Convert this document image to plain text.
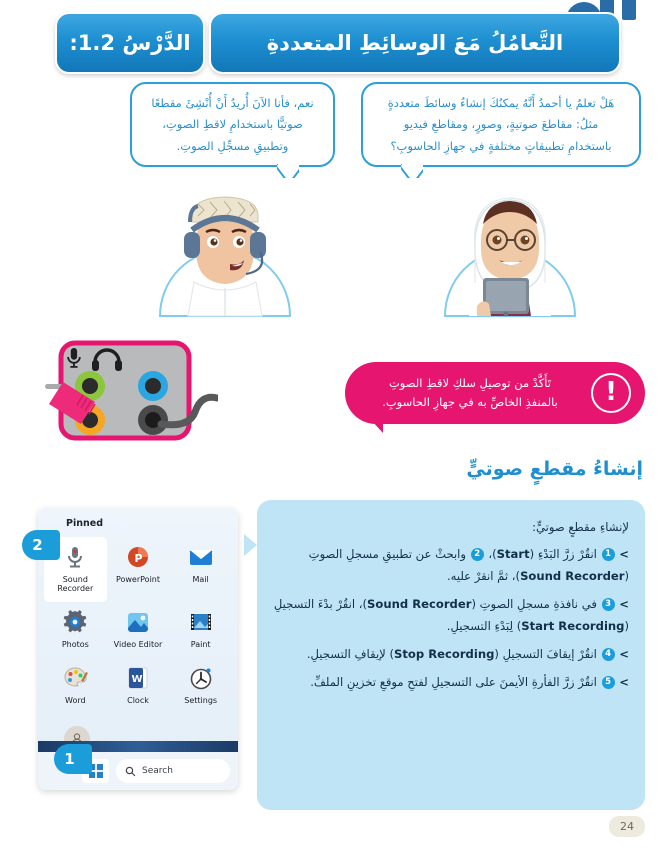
الدَّرْسُ 1.2:	التَّعامُلُ مَعَ الوسائِطِ المتعددةِ
هَلْ تعلمُ يا أحمدُ أَنَّهُ يمكنُكَ إنشاءُ وسائطَ متعددةٍ
مثلُ: مقاطعَ صوتيةٍ، وصورٍ، ومقاطعِ فيديو
باستخدامِ تطبيقاتٍ مختلفةٍ في جهازِ الحاسوبِ؟
نعم، فأنا الآنَ أُريدُ أَنْ أُنْشِئَ مقطعًا
صوتيًّا باستخدامِ لاقطِ الصوتِ،
وتطبيقِ مسجِّلِ الصوتِ.
!
تَأَكَّدْ من توصيلِ سلكِ لاقطِ الصوتِ
بالمنفذِ الخاصِّ به في جهازِ الحاسوبِ.
إنشاءُ مقطعٍ صوتيٍّ
Pinned
Sound Recorder
P
PowerPoint	Mail
Photos	Video Editor	Paint
Word
W
Clock	Settings
Search
2
1
لإنشاءِ مقطعٍ صوتيٍّ:
> 1 انقُرْ زرَّ البَدْءِ (Start)، 2 وابحثْ عن تطبيقِ مسجلِ الصوتِ (Sound Recorder)، ثمَّ انقرْ عليه.
> 3 في نافذةِ مسجلِ الصوتِ (Sound Recorder)، انقُرْ بدْءَ التسجيلِ (Start Recording) لِبَدْءِ التسجيلِ.
> 4 انقُرْ إيقافَ التسجيلِ (Stop Recording) لإيقافِ التسجيلِ.
> 5 انقُرْ زرَّ الفأرةِ الأيمنَ على التسجيلِ لفتحِ موقعِ تخزينِ الملفِّ.
24
